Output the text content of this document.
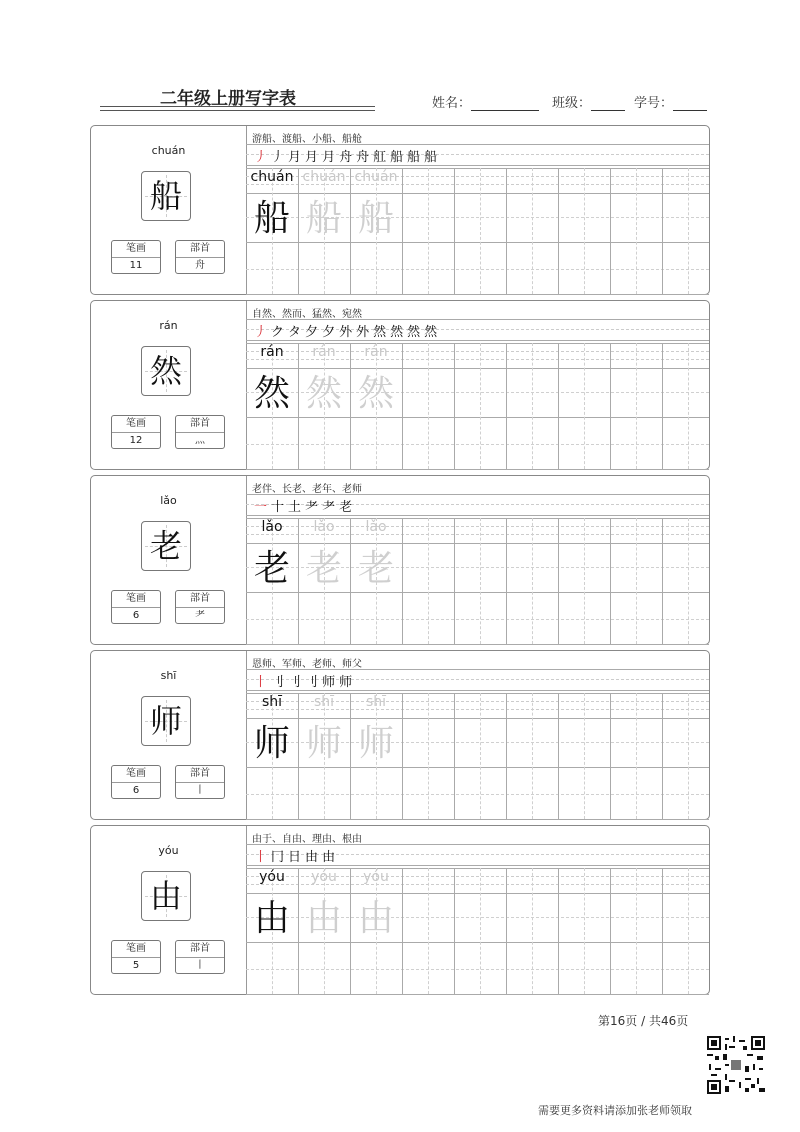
二年级上册写字表	姓名：	班级：	学号：
chuán
船
笔画
11
部首
舟
游船、渡船、小船、船舱
丿 丿 月 月 月 舟 舟 舡 船 船 船
chuán chuán chuán
船 船 船
rán
然
笔画
12
部首
灬
自然、然而、猛然、宛然
丿 ク タ 夕 夕 外 外 然 然 然 然
rán	rán	rán
然 然 然
lǎo
老
笔画
6
部首
耂
老伴、长老、老年、老师
一 十 土 耂 耂 老
lǎo	lǎo	lǎo
老 老 老
shī
师
笔画
6
部首
丨
恩师、军师、老师、师父
丨 刂 刂 刂 师 师
shī	shī	shī
师 师 师
yóu
由
笔画
5
部首
丨
由于、自由、理由、根由
丨 冂 日 由 由
yóu	yóu	yóu
由 由 由
第16页 / 共46页
需要更多资料请添加张老师领取
